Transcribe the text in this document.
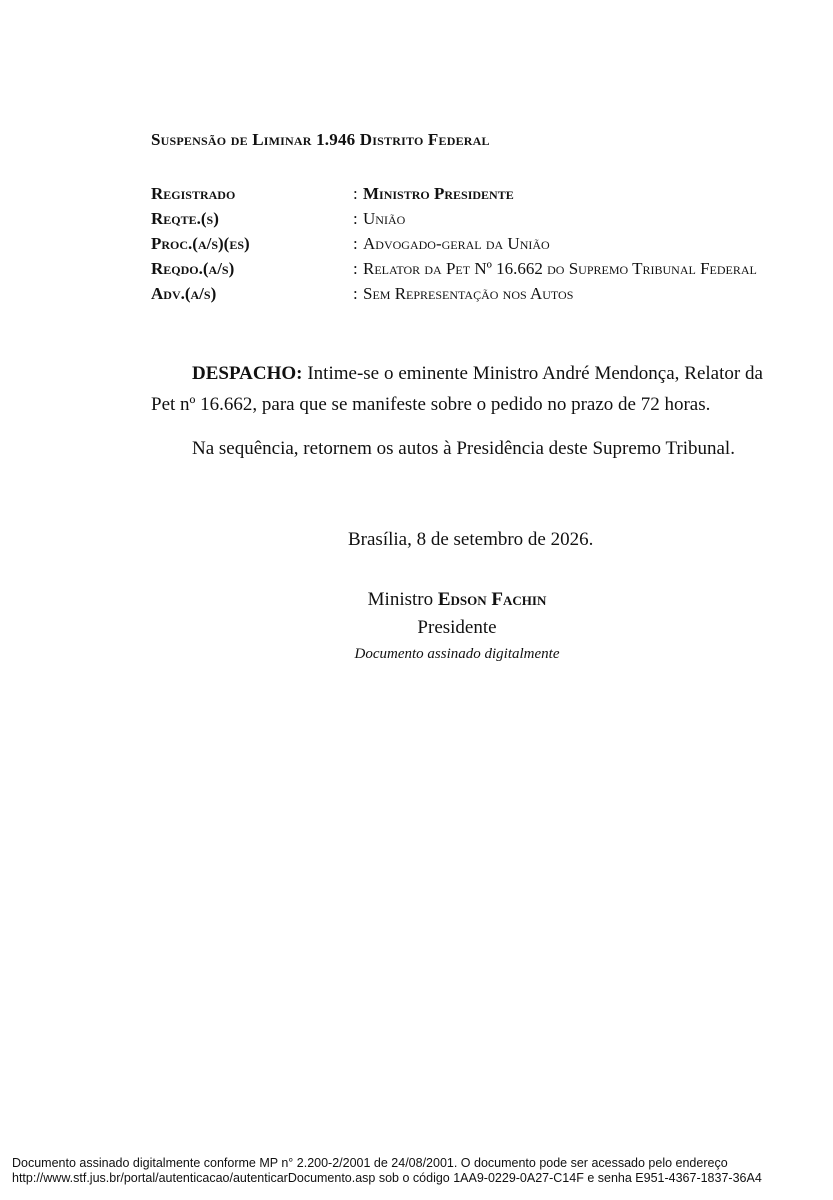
Suspensão de Liminar 1.946 Distrito Federal
Registrado	: Ministro Presidente
Reqte.(s)	: União
Proc.(a/s)(es)	: Advogado-geral da União
Reqdo.(a/s)	: Relator da Pet Nº 16.662 do Supremo Tribunal Federal
Adv.(a/s)	: Sem Representação nos Autos

DESPACHO: Intime-se o eminente Ministro André Mendonça, Relator da Pet nº 16.662, para que se manifeste sobre o pedido no prazo de 72 horas.

Na sequência, retornem os autos à Presidência deste Supremo Tribunal.

Brasília, 8 de setembro de 2026.
Ministro Edson Fachin
Presidente
Documento assinado digitalmente
Documento assinado digitalmente conforme MP n° 2.200-2/2001 de 24/08/2001. O documento pode ser acessado pelo endereço
http://www.stf.jus.br/portal/autenticacao/autenticarDocumento.asp sob o código 1AA9-0229-0A27-C14F e senha E951-4367-1837-36A4
